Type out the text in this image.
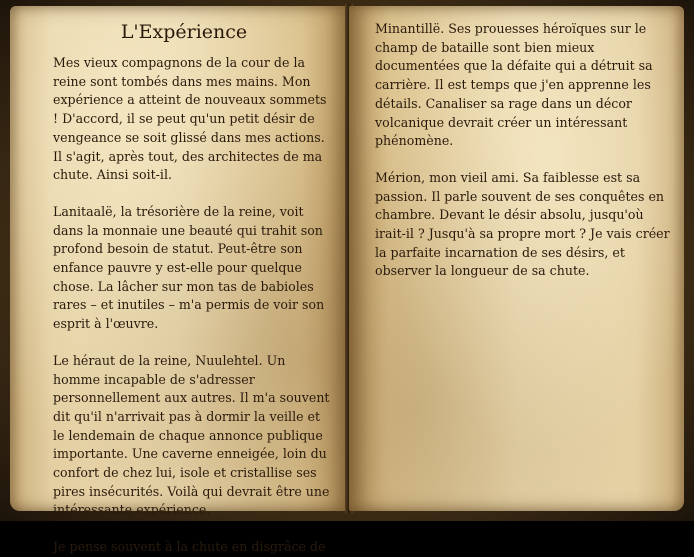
L'Expérience

Mes vieux compagnons de la cour de la reine sont tombés dans mes mains. Mon expérience a atteint de nouveaux sommets ! D'accord, il se peut qu'un petit désir de vengeance se soit glissé dans mes actions. Il s'agit, après tout, des architectes de ma chute. Ainsi soit-il.

Lanitaalë, la trésorière de la reine, voit dans la monnaie une beauté qui trahit son profond besoin de statut. Peut-être son enfance pauvre y est-elle pour quelque chose. La lâcher sur mon tas de babioles rares – et inutiles – m'a permis de voir son esprit à l'œuvre.

Le héraut de la reine, Nuulehtel. Un homme incapable de s'adresser personnellement aux autres. Il m'a souvent dit qu'il n'arrivait pas à dormir la veille et le lendemain de chaque annonce publique importante. Une caverne enneigée, loin du confort de chez lui, isole et cristallise ses pires insécurités. Voilà qui devrait être une intéressante expérience.

Je pense souvent à la chute en disgrâce de

Minantillë. Ses prouesses héroïques sur le champ de bataille sont bien mieux documentées que la défaite qui a détruit sa carrière. Il est temps que j'en apprenne les détails. Canaliser sa rage dans un décor volcanique devrait créer un intéressant phénomène.

Mérion, mon vieil ami. Sa faiblesse est sa passion. Il parle souvent de ses conquêtes en chambre. Devant le désir absolu, jusqu'où irait-il ? Jusqu'à sa propre mort ? Je vais créer la parfaite incarnation de ses désirs, et observer la longueur de sa chute.
